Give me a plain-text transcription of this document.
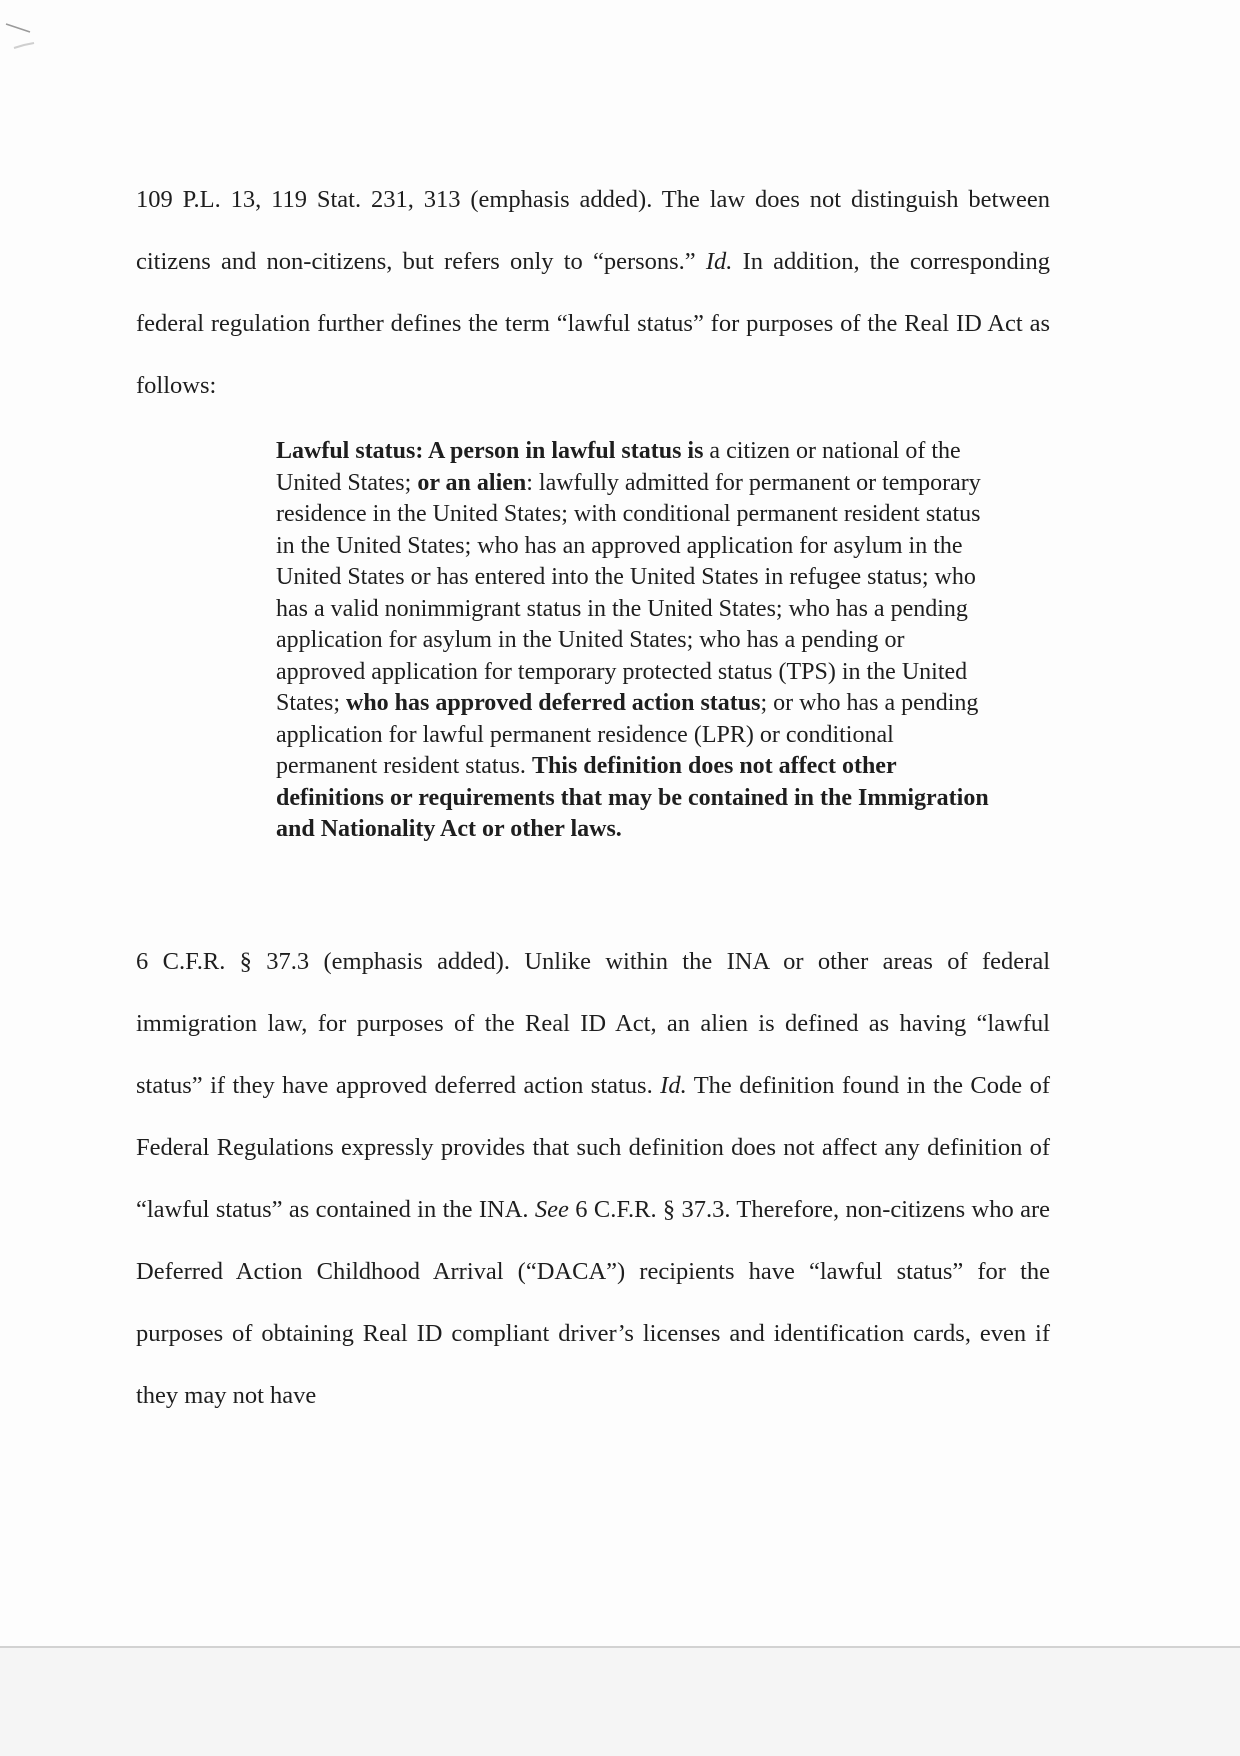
109 P.L. 13, 119 Stat. 231, 313 (emphasis added). The law does not distinguish between citizens and non-citizens, but refers only to “persons.” Id. In addition, the corresponding federal regulation further defines the term “lawful status” for purposes of the Real ID Act as follows:

Lawful status: A person in lawful status is a citizen or national of the United States; or an alien: lawfully admitted for permanent or temporary residence in the United States; with conditional permanent resident status in the United States; who has an approved application for asylum in the United States or has entered into the United States in refugee status; who has a valid nonimmigrant status in the United States; who has a pending application for asylum in the United States; who has a pending or approved application for temporary protected status (TPS) in the United States; who has approved deferred action status; or who has a pending application for lawful permanent residence (LPR) or conditional permanent resident status. This definition does not affect other definitions or requirements that may be contained in the Immigration and Nationality Act or other laws.

6 C.F.R. § 37.3 (emphasis added). Unlike within the INA or other areas of federal immigration law, for purposes of the Real ID Act, an alien is defined as having “lawful status” if they have approved deferred action status. Id. The definition found in the Code of Federal Regulations expressly provides that such definition does not affect any definition of “lawful status” as contained in the INA. See 6 C.F.R. § 37.3. Therefore, non-citizens who are Deferred Action Childhood Arrival (“DACA”) recipients have “lawful status” for the purposes of obtaining Real ID compliant driver’s licenses and identification cards, even if they may not have
